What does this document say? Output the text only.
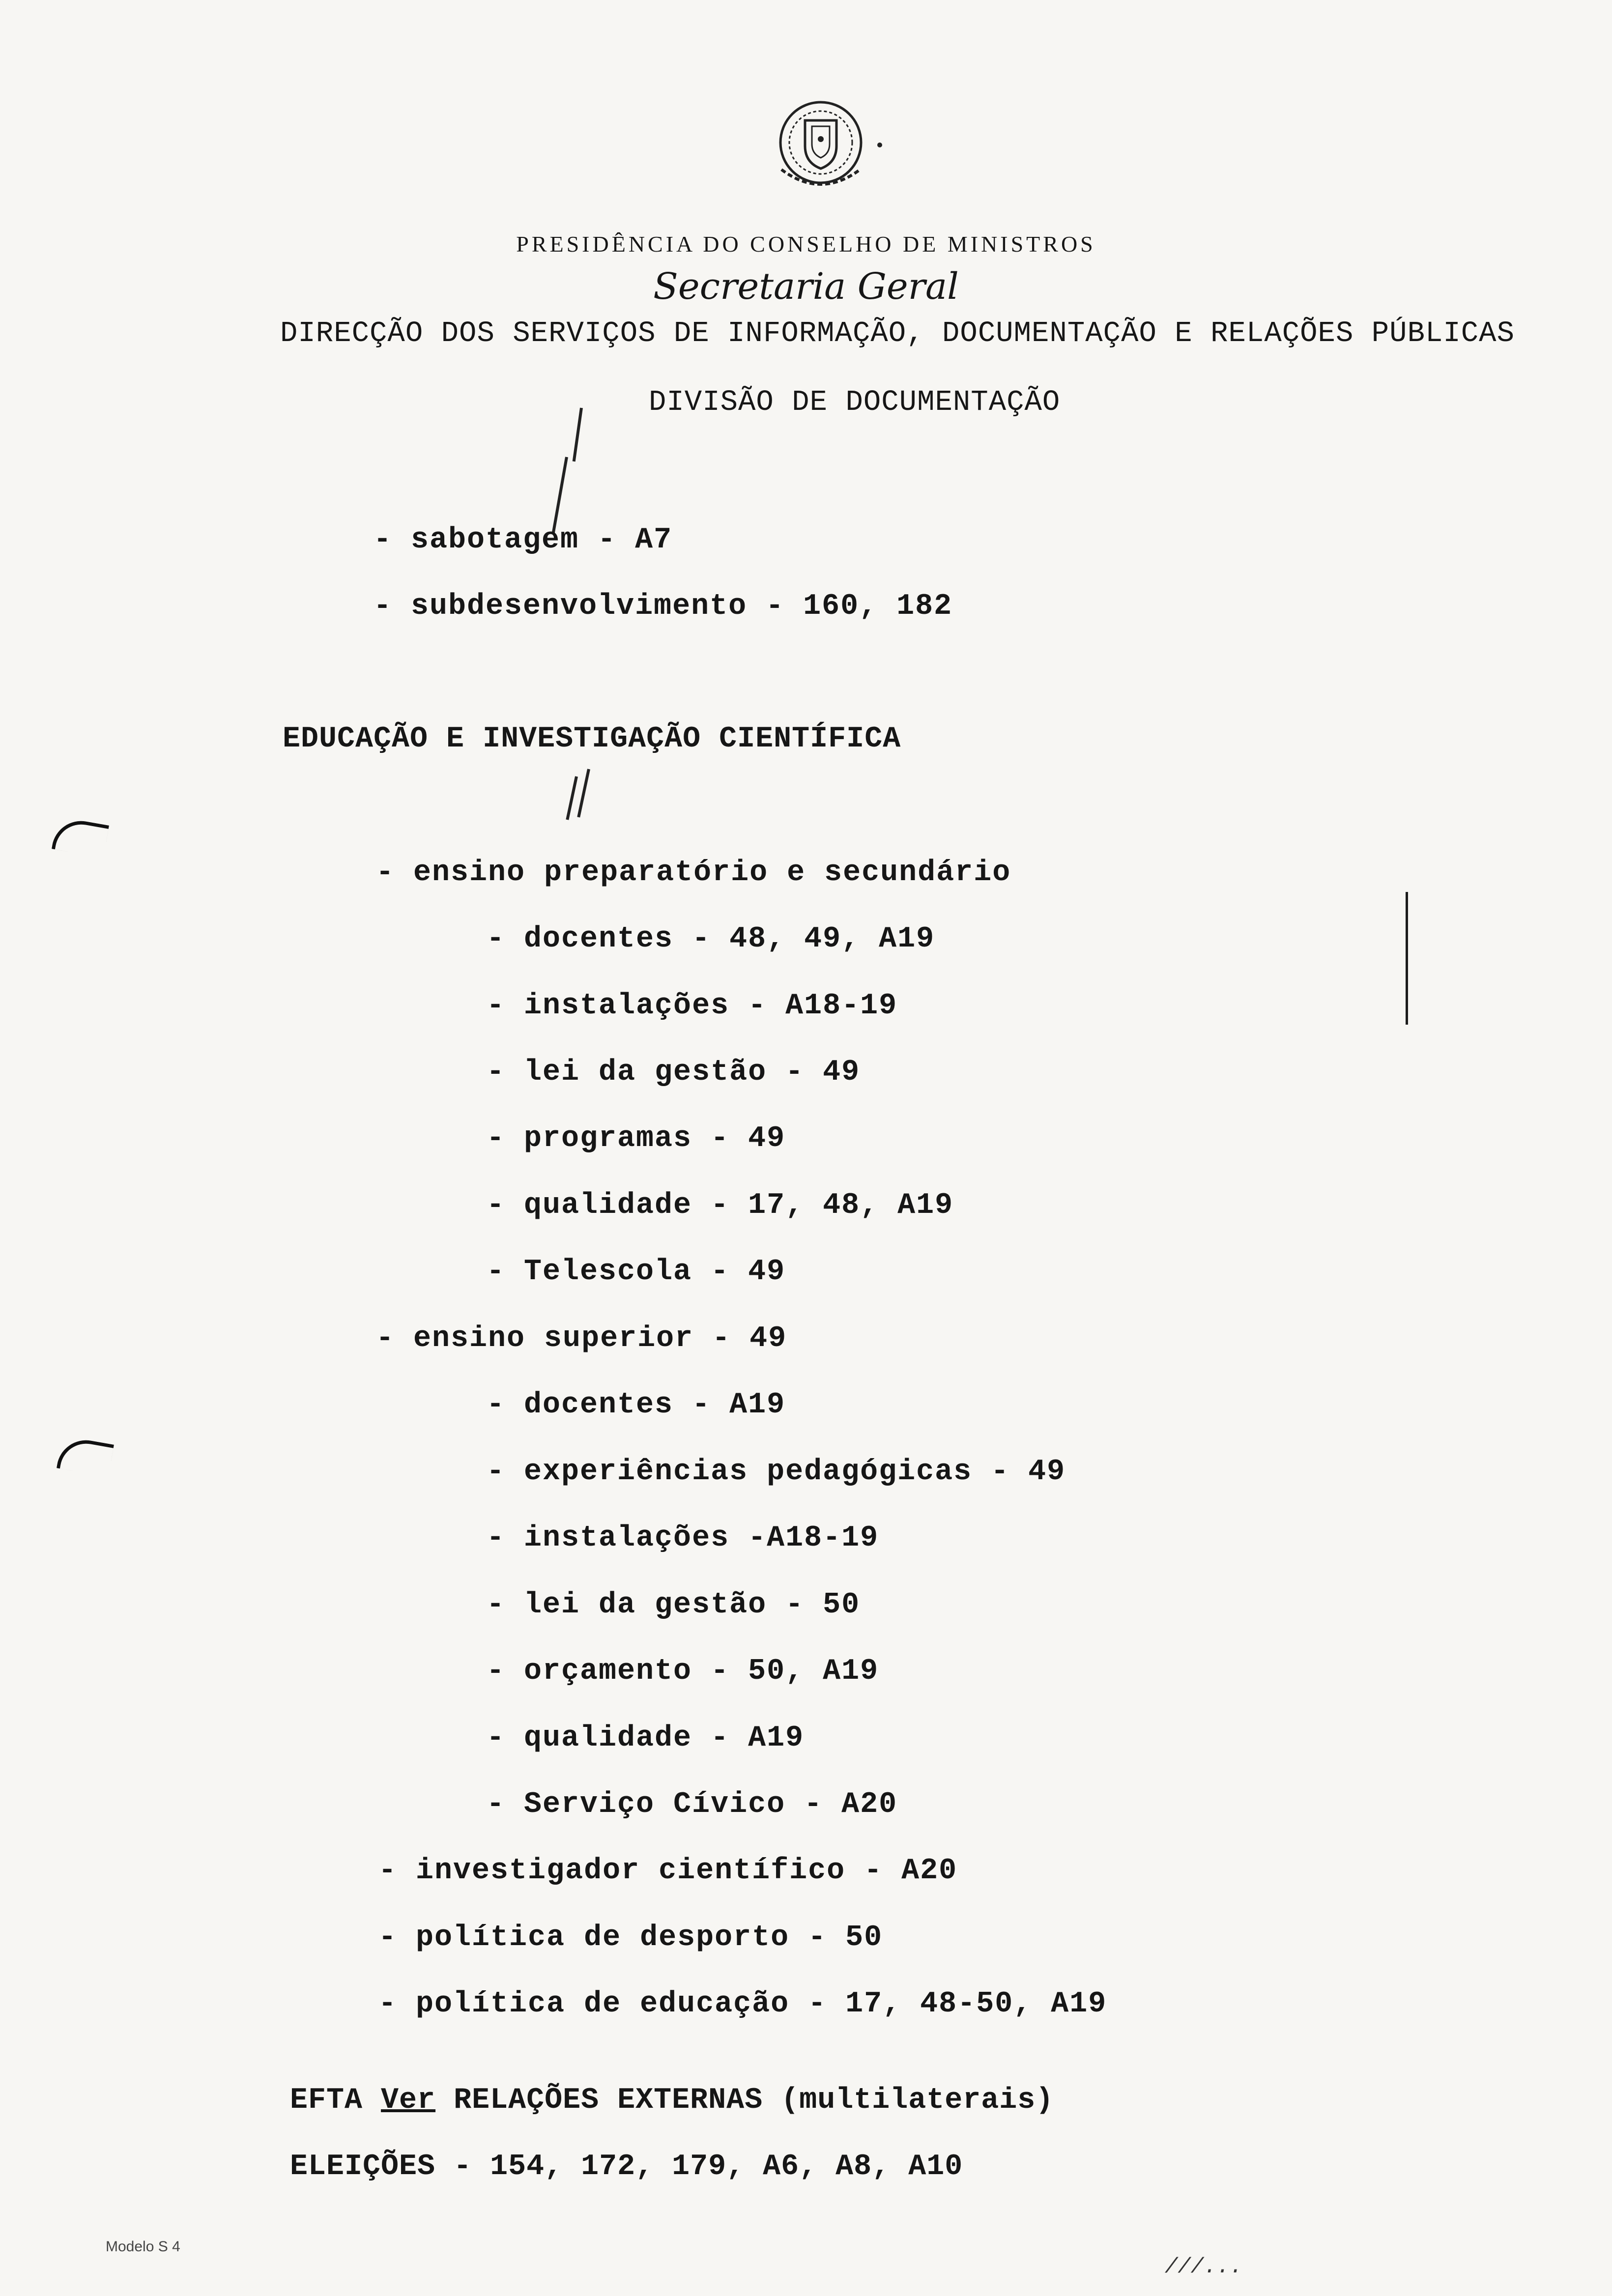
PRESIDÊNCIA DO CONSELHO DE MINISTROS
Secretaria Geral
DIRECÇÃO DOS SERVIÇOS DE INFORMAÇÃO, DOCUMENTAÇÃO E RELAÇÕES PÚBLICAS
DIVISÃO DE DOCUMENTAÇÃO
- sabotagem - A7
- subdesenvolvimento - 160, 182
EDUCAÇÃO E INVESTIGAÇÃO CIENTÍFICA
- ensino preparatório e secundário
- docentes - 48, 49, A19
- instalações - A18-19
- lei da gestão - 49
- programas - 49
- qualidade - 17, 48, A19
- Telescola - 49
- ensino superior - 49
- docentes - A19
- experiências pedagógicas - 49
- instalações -A18-19
- lei da gestão - 50
- orçamento - 50, A19
- qualidade - A19
- Serviço Cívico - A20
- investigador científico - A20
- política de desporto - 50
- política de educação - 17, 48-50, A19
EFTA Ver RELAÇÕES EXTERNAS (multilaterais)
ELEIÇÕES - 154, 172, 179, A6, A8, A10
Modelo S 4
///...
